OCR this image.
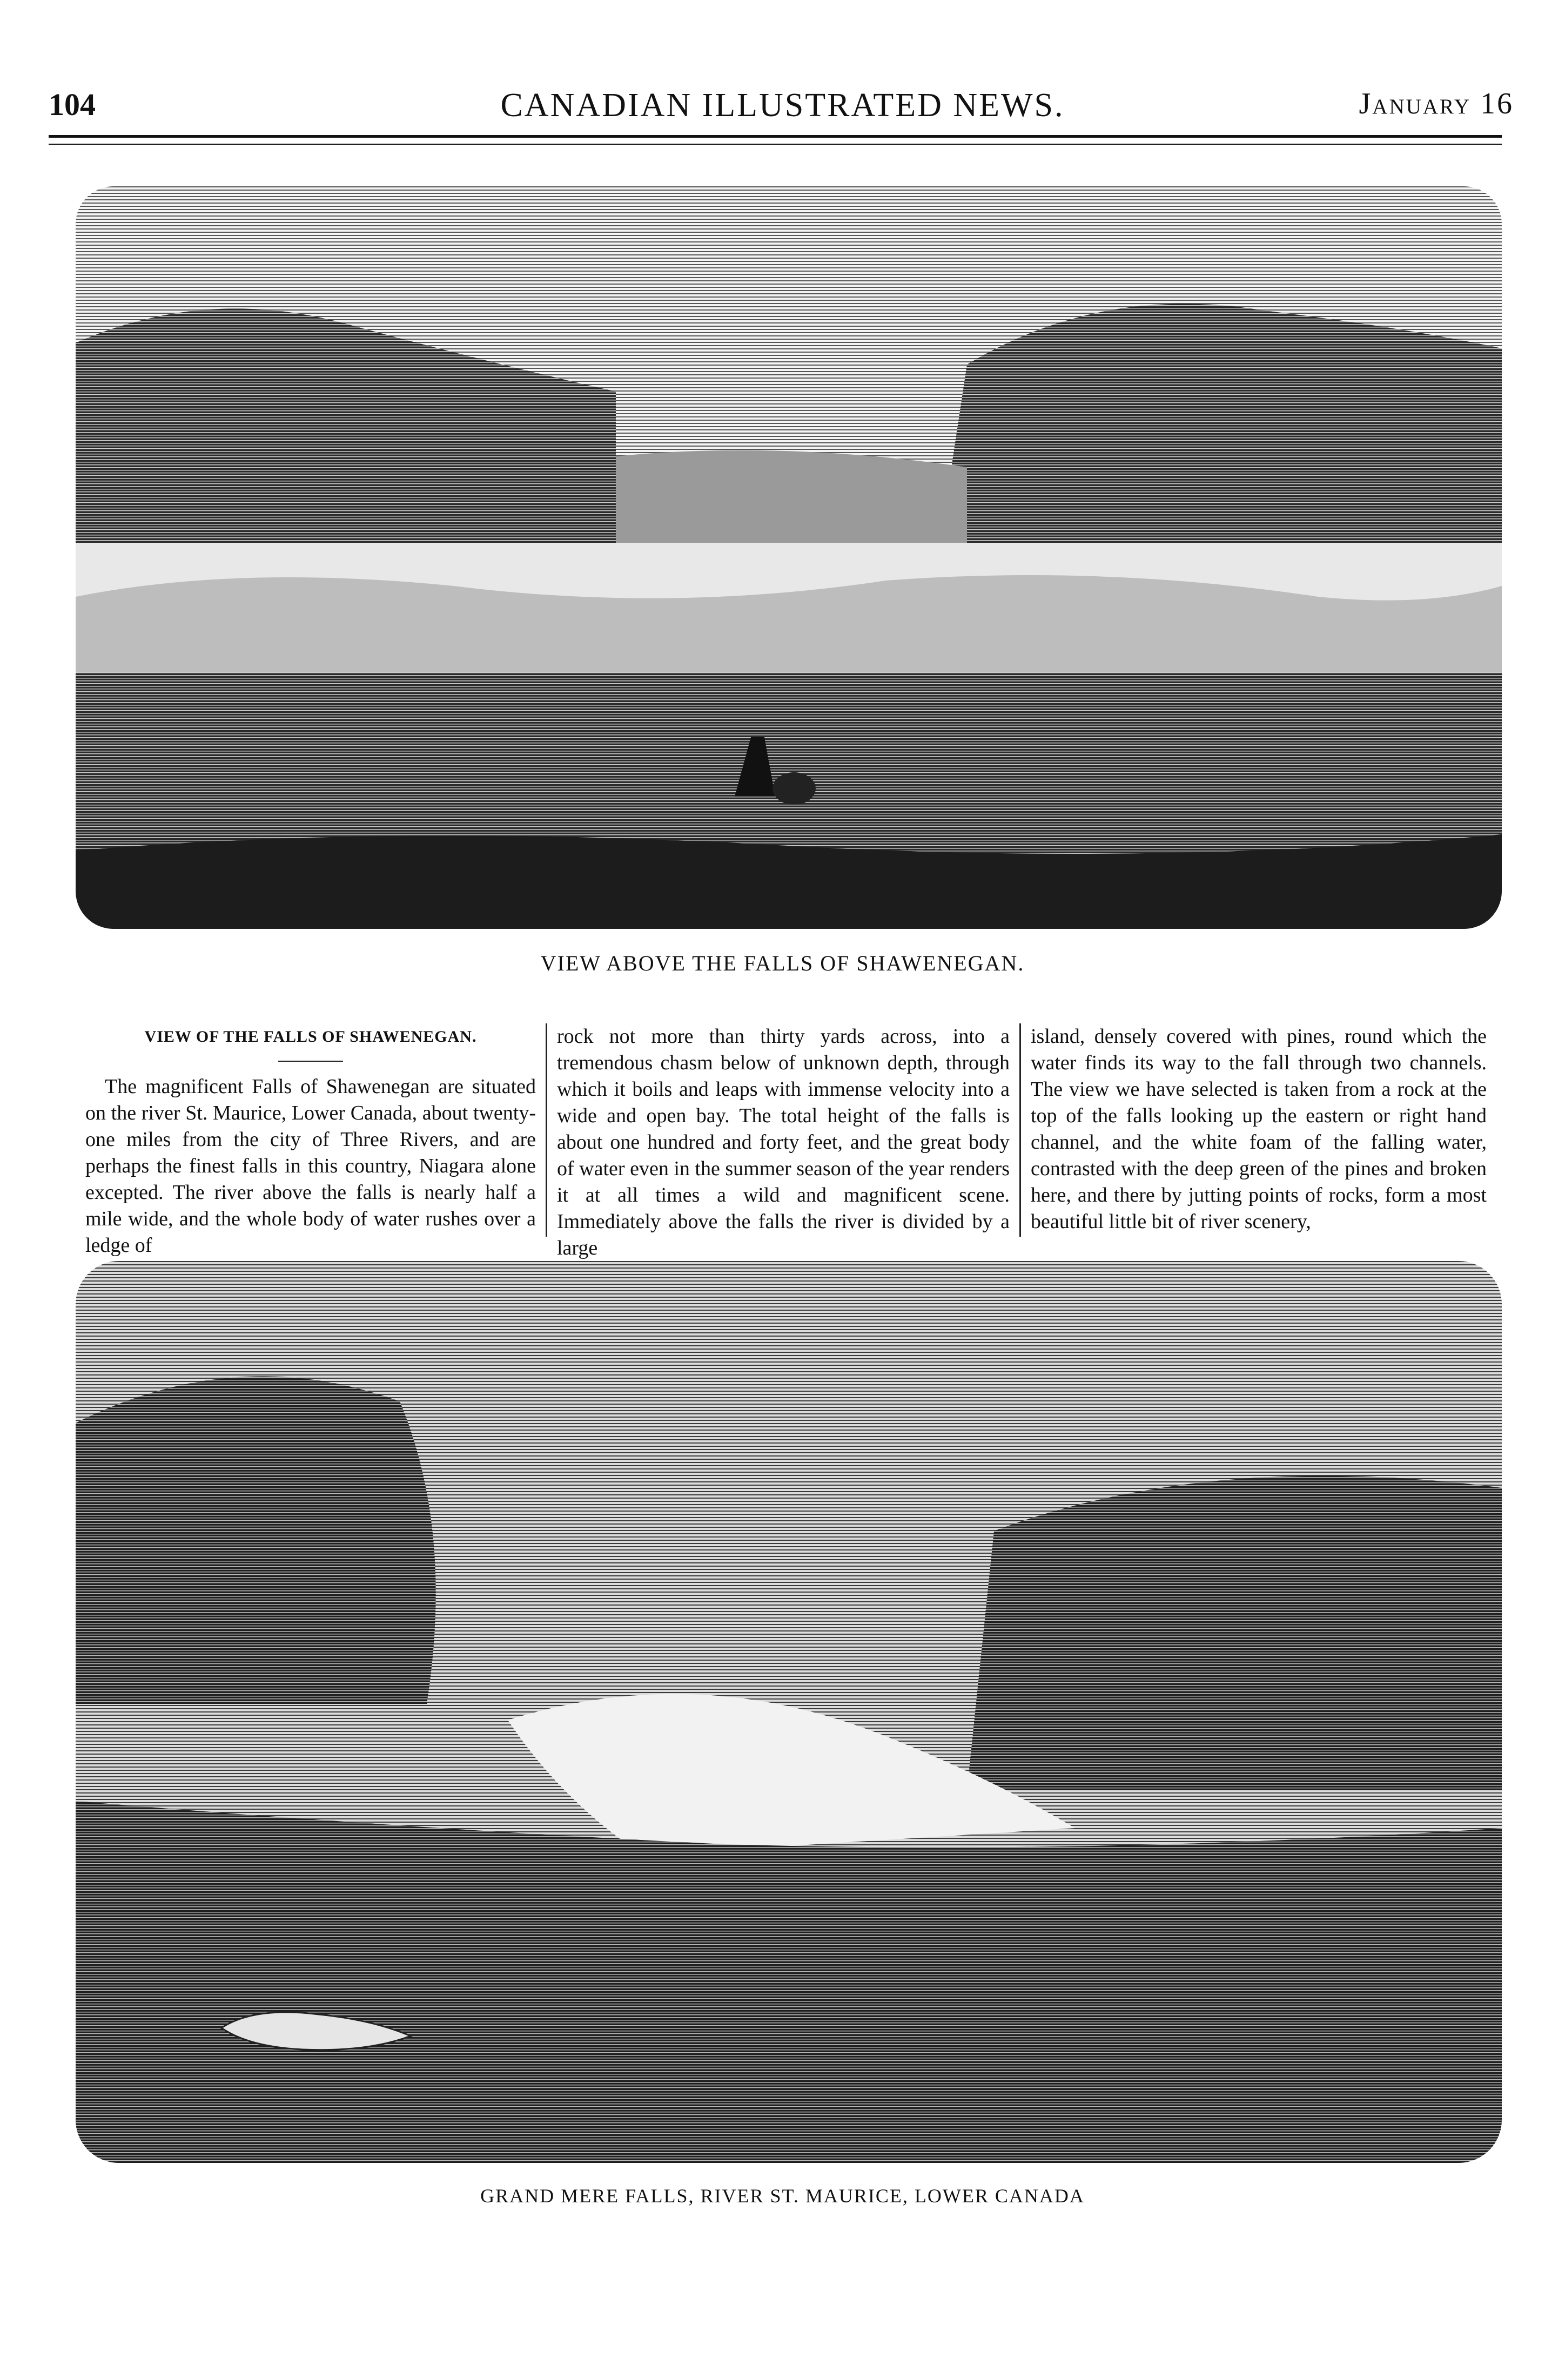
104	CANADIAN ILLUSTRATED NEWS.	January 16
VIEW ABOVE THE FALLS OF SHAWENEGAN.
VIEW OF THE FALLS OF SHAWENEGAN.
The magnificent Falls of Shawenegan are situated on the river St. Maurice, Lower Canada, about twenty-one miles from the city of Three Rivers, and are perhaps the finest falls in this country, Niagara alone excepted. The river above the falls is nearly half a mile wide, and the whole body of water rushes over a ledge of
rock not more than thirty yards across, into a tremendous chasm below of unknown depth, through which it boils and leaps with immense velocity into a wide and open bay. The total height of the falls is about one hundred and forty feet, and the great body of water even in the summer season of the year renders it at all times a wild and magnificent scene. Immediately above the falls the river is divided by a large
island, densely covered with pines, round which the water finds its way to the fall through two channels. The view we have selected is taken from a rock at the top of the falls looking up the eastern or right hand channel, and the white foam of the falling water, contrasted with the deep green of the pines and broken here, and there by jutting points of rocks, form a most beautiful little bit of river scenery,
GRAND MERE FALLS, RIVER ST. MAURICE, LOWER CANADA
